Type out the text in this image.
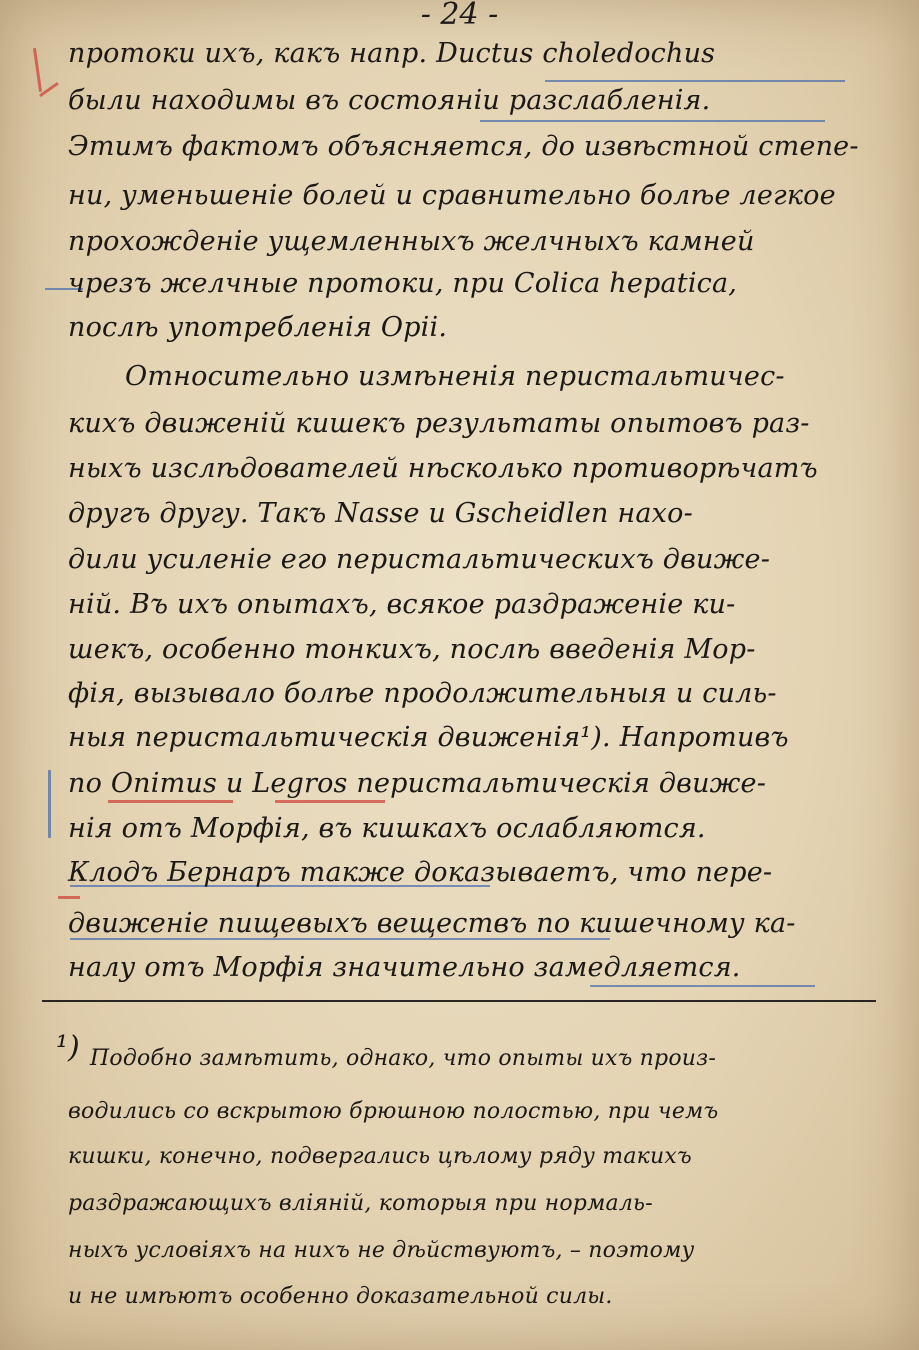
- 24 -
протоки ихъ, какъ напр. Ductus choledochus
были находимы въ состоянiи разслабленiя.
Этимъ фактомъ объясняется, до извѣстной степе-
ни, уменьшенiе болей и сравнительно болѣе легкое
прохожденiе ущемленныхъ желчныхъ камней
чрезъ желчные протоки, при Colica hepatica,
послѣ употребленiя Opii.
Относительно измѣненiя перистальтичес-
кихъ движенiй кишекъ результаты опытовъ раз-
ныхъ изслѣдователей нѣсколько противорѣчатъ
другъ другу. Такъ Nasse и Gscheidlen нахо-
дили усиленiе его перистальтическихъ движе-
нiй. Въ ихъ опытахъ, всякое раздраженiе ки-
шекъ, особенно тонкихъ, послѣ введенiя Мор-
фiя, вызывало болѣе продолжительныя и силь-
ныя перистальтическiя движенiя¹). Напротивъ
по Onimus и Legros перистальтическiя движе-
нiя отъ Морфiя, въ кишкахъ ослабляются.
Клодъ Бернаръ также доказываетъ, что пере-
движенiе пищевыхъ веществъ по кишечному ка-
налу отъ Морфiя значительно замедляется.
¹) Подобно замѣтить, однако, что опыты ихъ произ-
водились со вскрытою брюшною полостью, при чемъ
кишки, конечно, подвергались цѣлому ряду такихъ
раздражающихъ влiянiй, которыя при нормаль-
ныхъ условiяхъ на нихъ не дѣйствуютъ, – поэтому
и не имѣютъ особенно доказательной силы.
